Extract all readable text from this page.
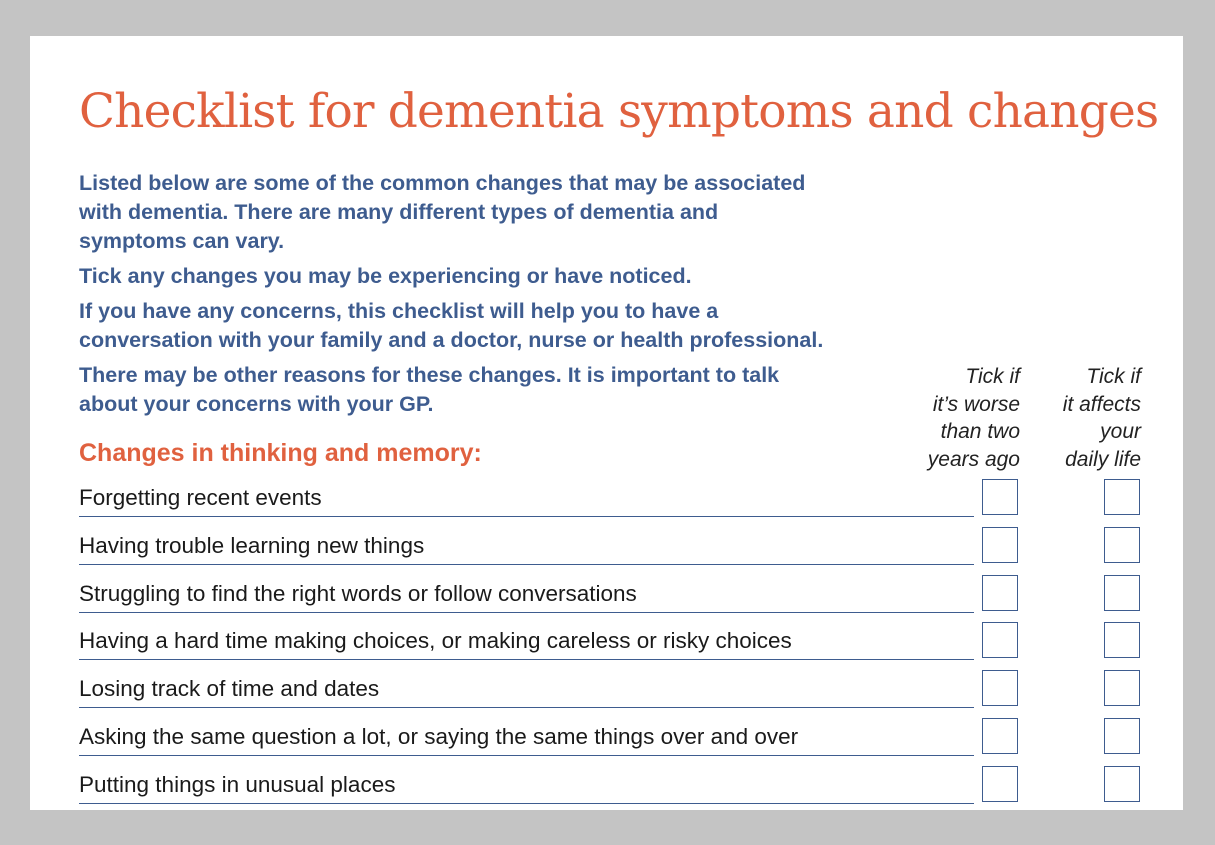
Checklist for dementia symptoms and changes

Listed below are some of the common changes that may be associated
with dementia. There are many different types of dementia and
symptoms can vary.

Tick any changes you may be experiencing or have noticed.

If you have any concerns, this checklist will help you to have a
conversation with your family and a doctor, nurse or health professional.

There may be other reasons for these changes. It is important to talk
about your concerns with your GP.

Tick if
it’s worse
than two
years ago
Tick if
it affects
your
daily life
Changes in thinking and memory:
Forgetting recent events
Having trouble learning new things
Struggling to find the right words or follow conversations
Having a hard time making choices, or making careless or risky choices
Losing track of time and dates
Asking the same question a lot, or saying the same things over and over
Putting things in unusual places
